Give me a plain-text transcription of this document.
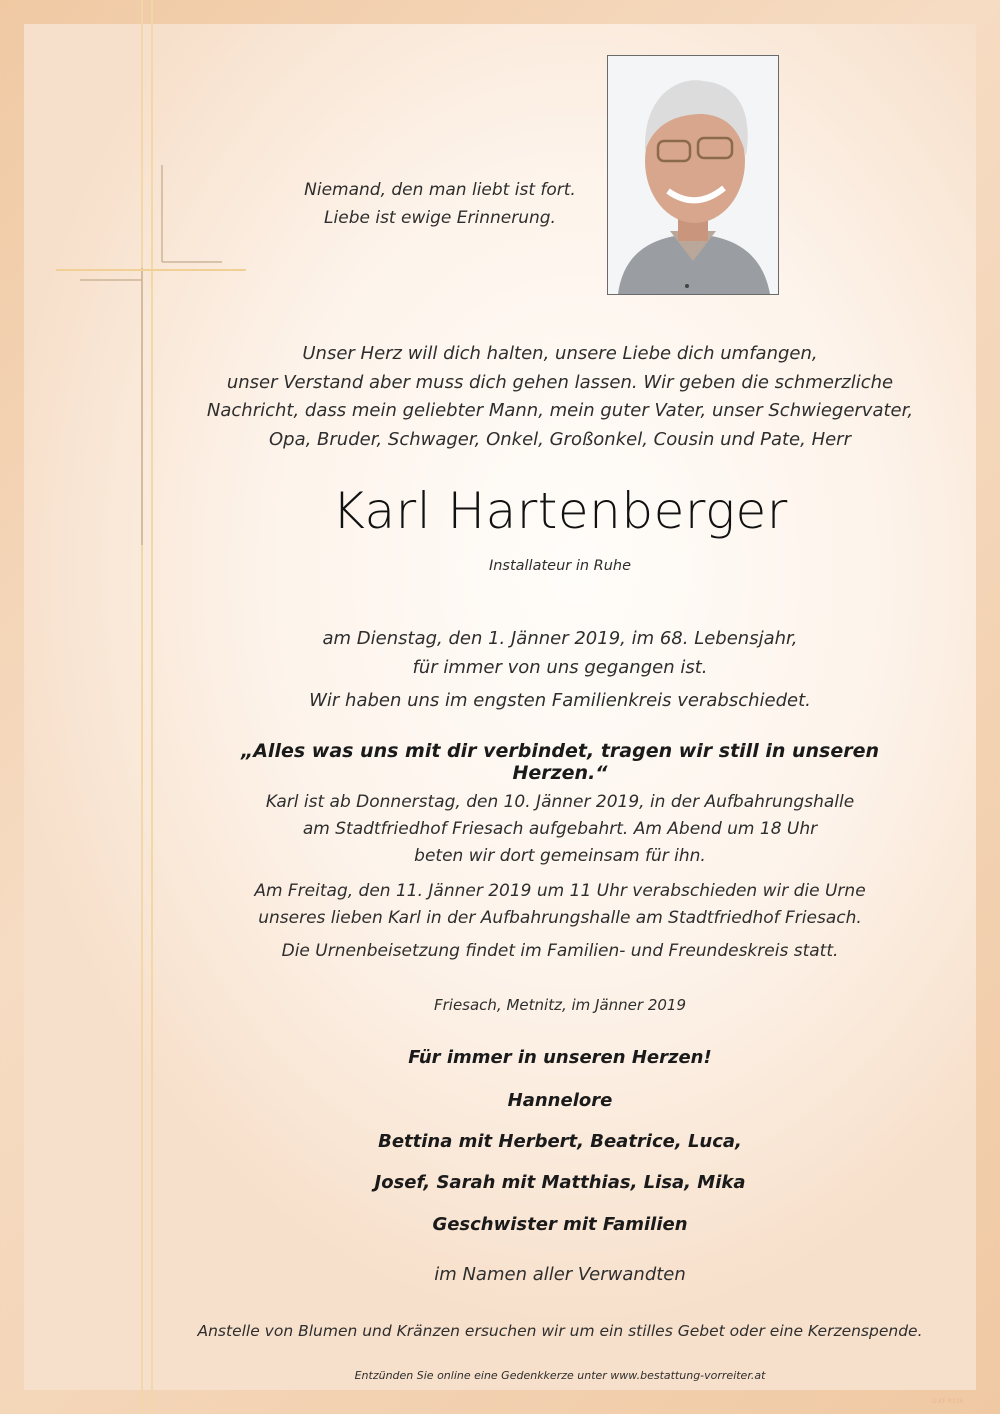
Niemand, den man liebt ist fort.
Liebe ist ewige Erinnerung.
Unser Herz will dich halten, unsere Liebe dich umfangen,
unser Verstand aber muss dich gehen lassen. Wir geben die schmerzliche
Nachricht, dass mein geliebter Mann, mein guter Vater, unser Schwiegervater,
Opa, Bruder, Schwager, Onkel, Großonkel, Cousin und Pate, Herr
Karl Hartenberger
Installateur in Ruhe
am Dienstag, den 1. Jänner 2019, im 68. Lebensjahr,
für immer von uns gegangen ist.
Wir haben uns im engsten Familienkreis verabschiedet.
„Alles was uns mit dir verbindet, tragen wir still in unseren Herzen.“
Karl ist ab Donnerstag, den 10. Jänner 2019, in der Aufbahrungshalle
am Stadtfriedhof Friesach aufgebahrt. Am Abend um 18 Uhr
beten wir dort gemeinsam für ihn.
Am Freitag, den 11. Jänner 2019 um 11 Uhr verabschieden wir die Urne
unseres lieben Karl in der Aufbahrungshalle am Stadtfriedhof Friesach.
Die Urnenbeisetzung findet im Familien- und Freundeskreis statt.
Friesach, Metnitz, im Jänner 2019
Für immer in unseren Herzen!
Hannelore
Bettina mit Herbert, Beatrice, Luca,
Josef, Sarah mit Matthias, Lisa, Mika
Geschwister mit Familien
im Namen aller Verwandten
Anstelle von Blumen und Kränzen ersuchen wir um ein stilles Gebet oder eine Kerzenspende.
Entzünden Sie online eine Gedenkkerze unter www.bestattung-vorreiter.at
G KF R126
